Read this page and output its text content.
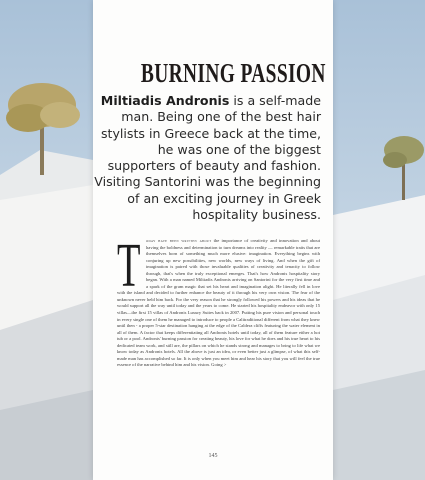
BURNING PASSION

Miltiadis Andronis is a self-made man. Being one of the best hair stylists in Greece back at the time, he was one of the biggest supporters of beauty and fashion. Visiting Santorini was the beginning of an exciting journey in Greek hospitality business.

T oday have been written about the importance of creativity and innovation and about having the boldness and determination to turn dreams into reality — remarkable traits that are themselves born of something much more elusive: imagination. Everything begins with conjuring up new possibilities, new worlds, new ways of living. And when the gift of imagination is paired with those invaluable qualities of creativity and tenacity to follow through, that's when the truly exceptional emerges. That's how Andronis hospitality story began. With a man named Miltiadis Andronis arriving on Santorini for the very first time and a spark of the gram magic that set his heart and imagination alight. He literally fell in love with the island and decided to further enhance the beauty of it through his very own vision. The fear of the unknown never held him back. For the very reason that he strongly followed his powers and his ideas that he would support all the way until today and the years to come. He started his hospitality endeavor with only 15 villas—the first 15 villas of Andronis Luxury Suites back in 2007. Putting his pure vision and personal touch in every single one of them he managed to introduce to people a Calitraditional different from what they knew until then - a proper 5-star destination hanging at the edge of the Caldera cliffs featuring the water element in all of them. A factor that keeps differentiating all Andronis hotels until today, all of them feature either a hot tub or a pool. Andronis' burning passion for creating beauty, his love for what he does and his true heart to his dedicated team work, and still are, the pillars on which he stands strong and manages to bring to life what we know today as Andronis hotels. All the above is just an idea, or even better just a glimpse, of what this self-made man has accomplished so far. It is only when you meet him and hear his story that you will feel the true essence of the narrative behind him and his vision. Going >

145
